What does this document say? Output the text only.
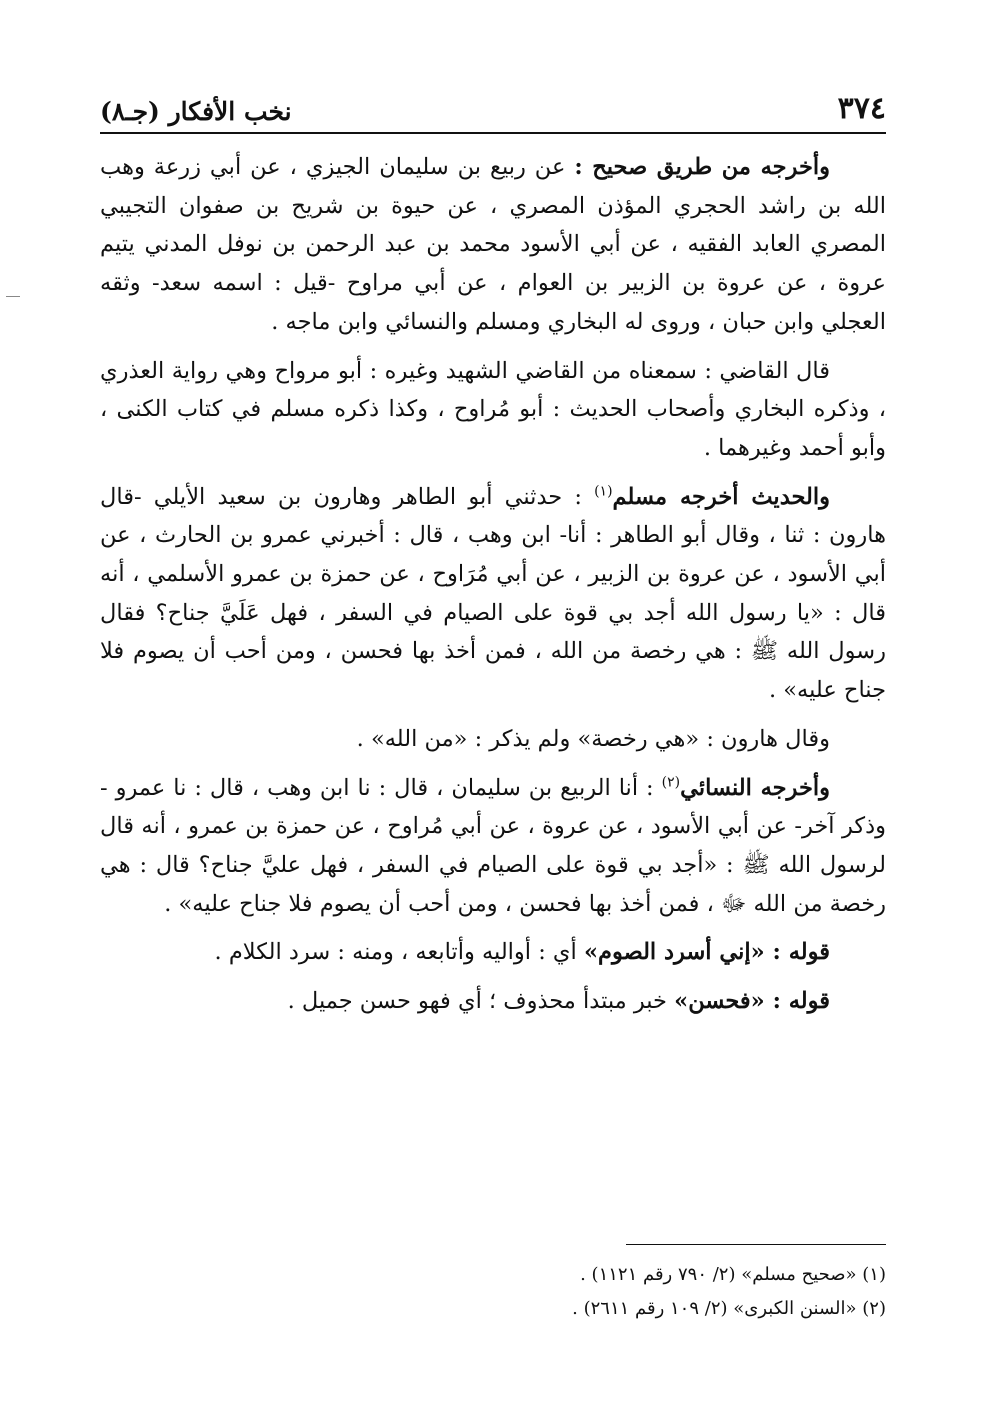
٣٧٤
نخب الأفكار (جـ٨)

وأخرجه من طريق صحيح : عن ربيع بن سليمان الجيزي ، عن أبي زرعة وهب الله بن راشد الحجري المؤذن المصري ، عن حيوة بن شريح بن صفوان التجيبي المصري العابد الفقيه ، عن أبي الأسود محمد بن عبد الرحمن بن نوفل المدني يتيم عروة ، عن عروة بن الزبير بن العوام ، عن أبي مراوح -قيل : اسمه سعد- وثقه العجلي وابن حبان ، وروى له البخاري ومسلم والنسائي وابن ماجه .

قال القاضي : سمعناه من القاضي الشهيد وغيره : أبو مرواح وهي رواية العذري ، وذكره البخاري وأصحاب الحديث : أبو مُراوح ، وكذا ذكره مسلم في كتاب الكنى ، وأبو أحمد وغيرهما .

والحديث أخرجه مسلم$^{(١)}$ : حدثني أبو الطاهر وهارون بن سعيد الأيلي -قال هارون : ثنا ، وقال أبو الطاهر : أنا- ابن وهب ، قال : أخبرني عمرو بن الحارث ، عن أبي الأسود ، عن عروة بن الزبير ، عن أبي مُرَاوح ، عن حمزة بن عمرو الأسلمي ، أنه قال : «يا رسول الله أجد بي قوة على الصيام في السفر ، فهل عَلَيَّ جناح؟ فقال رسول الله ﷺ : هي رخصة من الله ، فمن أخذ بها فحسن ، ومن أحب أن يصوم فلا جناح عليه» .

وقال هارون : «هي رخصة» ولم يذكر : «من الله» .

وأخرجه النسائي$^{(٢)}$ : أنا الربيع بن سليمان ، قال : نا ابن وهب ، قال : نا عمرو - وذكر آخر- عن أبي الأسود ، عن عروة ، عن أبي مُراوح ، عن حمزة بن عمرو ، أنه قال لرسول الله ﷺ : «أجد بي قوة على الصيام في السفر ، فهل عليَّ جناح؟ قال : هي رخصة من الله ﷻ ، فمن أخذ بها فحسن ، ومن أحب أن يصوم فلا جناح عليه» .

قوله : «إني أسرد الصوم» أي : أواليه وأتابعه ، ومنه : سرد الكلام .

قوله : «فحسن» خبر مبتدأ محذوف ؛ أي فهو حسن جميل .

(١) «صحيح مسلم» (٢/ ٧٩٠ رقم ١١٢١) .
(٢) «السنن الكبرى» (٢/ ١٠٩ رقم ٢٦١١) .
